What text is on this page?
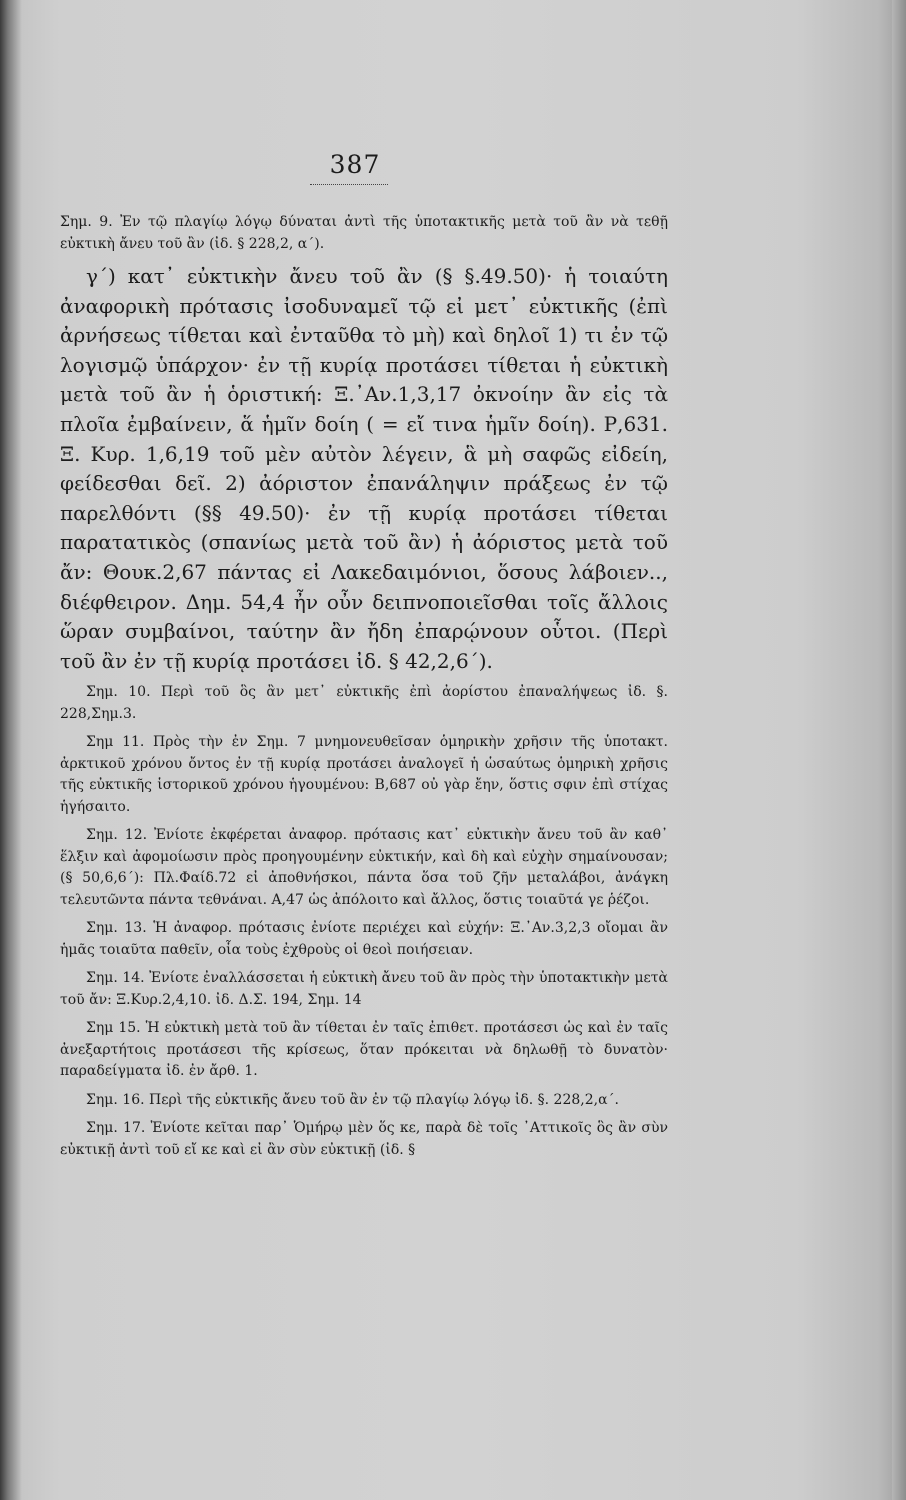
387

Σημ. 9. Ἐν τῷ πλαγίῳ λόγῳ δύναται ἀντὶ τῆς ὑποτακτικῆς μετὰ τοῦ ἂν νὰ τεθῇ εὐκτικὴ ἄνευ τοῦ ἂν (ἰδ. § 228,2, α΄).

γ΄) κατ᾽ εὐκτικὴν ἄνευ τοῦ ἂν (§ §.49.50)· ἡ τοιαύτη ἀναφορικὴ πρότασις ἰσοδυναμεῖ τῷ εἰ μετ᾽ εὐκτικῆς (ἐπὶ ἀρνήσεως τίθεται καὶ ἐνταῦθα τὸ μὴ) καὶ δηλοῖ 1) τι ἐν τῷ λογισμῷ ὑπάρχον· ἐν τῇ κυρίᾳ προτάσει τίθεται ἡ εὐκτικὴ μετὰ τοῦ ἂν ἡ ὁριστική: Ξ.᾽Αν.1,3,17 ὀκνοίην ἂν εἰς τὰ πλοῖα ἐμβαίνειν, ἅ ἡμῖν δοίη ( = εἴ τινα ἡμῖν δοίη). Ρ,631. Ξ. Κυρ. 1,6,19 τοῦ μὲν αὐτὸν λέγειν, ἃ μὴ σαφῶς εἰδείη, φείδεσθαι δεῖ. 2) ἀόριστον ἐπανάληψιν πράξεως ἐν τῷ παρελθόντι (§§ 49.50)· ἐν τῇ κυρίᾳ προτάσει τίθεται παρατατικὸς (σπανίως μετὰ τοῦ ἂν) ἡ ἀόριστος μετὰ τοῦ ἄν: Θουκ.2,67 πάντας εἰ Λακεδαιμόνιοι, ὅσους λάβοιεν.., διέφθειρον. Δημ. 54,4 ἦν οὖν δειπνοποιεῖσθαι τοῖς ἄλλοις ὥραν συμβαίνοι, ταύτην ἂν ἤδη ἐπαρῴνουν οὗτοι. (Περὶ τοῦ ἂν ἐν τῇ κυρίᾳ προτάσει ἰδ. § 42,2,6΄).

Σημ. 10. Περὶ τοῦ ὃς ἂν μετ᾽ εὐκτικῆς ἐπὶ ἀορίστου ἐπαναλήψεως ἰδ. §. 228,Σημ.3.

Σημ 11. Πρὸς τὴν ἐν Σημ. 7 μνημονευθεῖσαν ὁμηρικὴν χρῆσιν τῆς ὑποτακτ. ἀρκτικοῦ χρόνου ὄντος ἐν τῇ κυρίᾳ προτάσει ἀναλογεῖ ἡ ὡσαύτως ὁμηρικὴ χρῆσις τῆς εὐκτικῆς ἱστορικοῦ χρόνου ἡγουμένου: Β,687 οὐ γὰρ ἔην, ὅστις σφιν ἐπὶ στίχας ἡγήσαιτο.

Σημ. 12. Ἐνίοτε ἐκφέρεται ἀναφορ. πρότασις κατ᾽ εὐκτικὴν ἄνευ τοῦ ἂν καθ᾽ ἕλξιν καὶ ἀφομοίωσιν πρὸς προηγουμένην εὐκτικήν, καὶ δὴ καὶ εὐχὴν σημαίνουσαν; (§ 50,6,6΄): Πλ.Φαίδ.72 εἰ ἀποθνήσκοι, πάντα ὅσα τοῦ ζῆν μεταλάβοι, ἀνάγκη τελευτῶντα πάντα τεθνάναι. Α,47 ὡς ἀπόλοιτο καὶ ἄλλος, ὅστις τοιαῦτά γε ῥέζοι.

Σημ. 13. Ἡ ἀναφορ. πρότασις ἐνίοτε περιέχει καὶ εὐχήν: Ξ.᾽Αν.3,2,3 οἴομαι ἂν ἡμᾶς τοιαῦτα παθεῖν, οἷα τοὺς ἐχθροὺς οἱ θεοὶ ποιήσειαν.

Σημ. 14. Ἐνίοτε ἐναλλάσσεται ἡ εὐκτικὴ ἄνευ τοῦ ἂν πρὸς τὴν ὑποτακτικὴν μετὰ τοῦ ἄν: Ξ.Κυρ.2,4,10. ἰδ. Δ.Σ. 194, Σημ. 14

Σημ 15. Ἡ εὐκτικὴ μετὰ τοῦ ἂν τίθεται ἐν ταῖς ἐπιθετ. προτάσεσι ὡς καὶ ἐν ταῖς ἀνεξαρτήτοις προτάσεσι τῆς κρίσεως, ὅταν πρόκειται νὰ δηλωθῇ τὸ δυνατὸν· παραδείγματα ἰδ. ἐν ἄρθ. 1.

Σημ. 16. Περὶ τῆς εὐκτικῆς ἄνευ τοῦ ἂν ἐν τῷ πλαγίῳ λόγῳ ἰδ. §. 228,2,α΄.

Σημ. 17. Ἐνίοτε κεῖται παρ᾽ Ὁμήρῳ μὲν ὅς κε, παρὰ δὲ τοῖς ᾽Αττικοῖς ὃς ἂν σὺν εὐκτικῇ ἀντὶ τοῦ εἴ κε καὶ εἰ ἂν σὺν εὐκτικῇ (ἰδ. §
